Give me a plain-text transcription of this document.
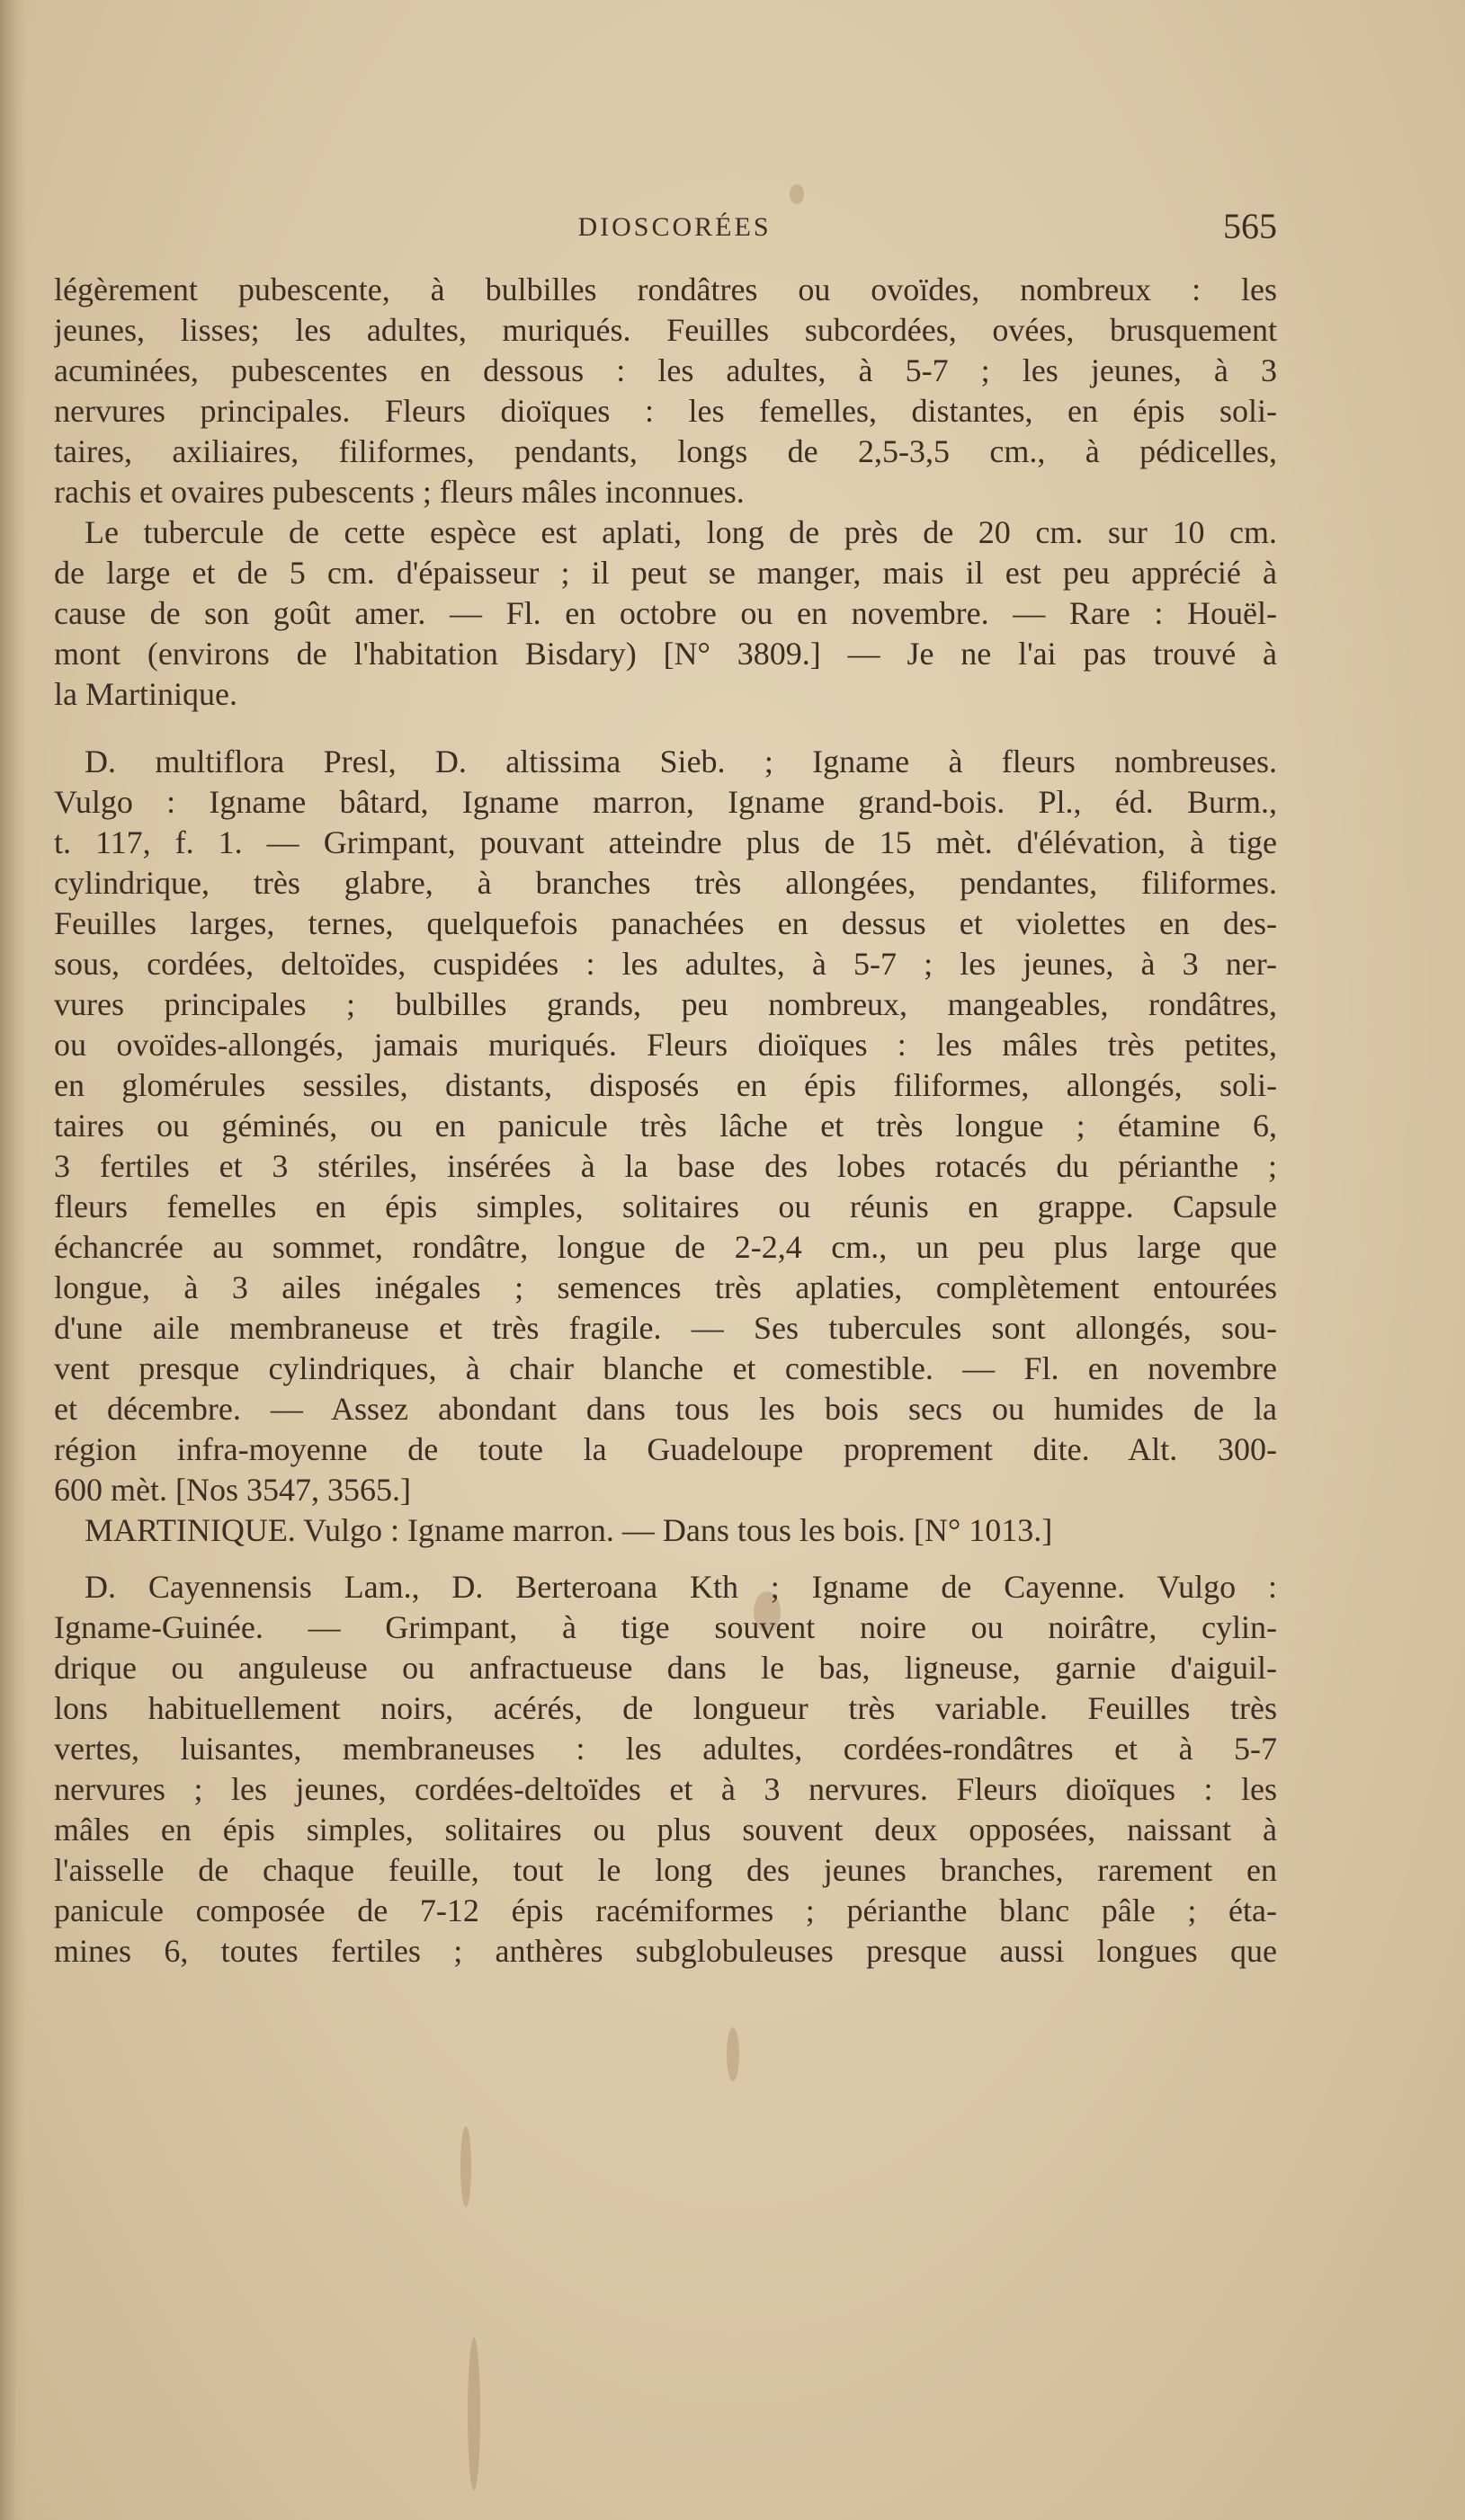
DIOSCORÉES	565
légèrement pubescente, à bulbilles rondâtres ou ovoïdes, nombreux : les
jeunes, lisses; les adultes, muriqués. Feuilles subcordées, ovées, brusquement
acuminées, pubescentes en dessous : les adultes, à 5-7 ; les jeunes, à 3
nervures principales. Fleurs dioïques : les femelles, distantes, en épis soli-
taires, axiliaires, filiformes, pendants, longs de 2,5-3,5 cm., à pédicelles,
rachis et ovaires pubescents ; fleurs mâles inconnues.
Le tubercule de cette espèce est aplati, long de près de 20 cm. sur 10 cm.
de large et de 5 cm. d'épaisseur ; il peut se manger, mais il est peu apprécié à
cause de son goût amer. — Fl. en octobre ou en novembre. — Rare : Houël-
mont (environs de l'habitation Bisdary) [N° 3809.] — Je ne l'ai pas trouvé à
la Martinique.
D. multiflora Presl, D. altissima Sieb. ; Igname à fleurs nombreuses.
Vulgo : Igname bâtard, Igname marron, Igname grand-bois. Pl., éd. Burm.,
t. 117, f. 1. — Grimpant, pouvant atteindre plus de 15 mèt. d'élévation, à tige
cylindrique, très glabre, à branches très allongées, pendantes, filiformes.
Feuilles larges, ternes, quelquefois panachées en dessus et violettes en des-
sous, cordées, deltoïdes, cuspidées : les adultes, à 5-7 ; les jeunes, à 3 ner-
vures principales ; bulbilles grands, peu nombreux, mangeables, rondâtres,
ou ovoïdes-allongés, jamais muriqués. Fleurs dioïques : les mâles très petites,
en glomérules sessiles, distants, disposés en épis filiformes, allongés, soli-
taires ou géminés, ou en panicule très lâche et très longue ; étamine 6,
3 fertiles et 3 stériles, insérées à la base des lobes rotacés du périanthe ;
fleurs femelles en épis simples, solitaires ou réunis en grappe. Capsule
échancrée au sommet, rondâtre, longue de 2-2,4 cm., un peu plus large que
longue, à 3 ailes inégales ; semences très aplaties, complètement entourées
d'une aile membraneuse et très fragile. — Ses tubercules sont allongés, sou-
vent presque cylindriques, à chair blanche et comestible. — Fl. en novembre
et décembre. — Assez abondant dans tous les bois secs ou humides de la
région infra-moyenne de toute la Guadeloupe proprement dite. Alt. 300-
600 mèt. [Nos 3547, 3565.]
MARTINIQUE. Vulgo : Igname marron. — Dans tous les bois. [N° 1013.]
D. Cayennensis Lam., D. Berteroana Kth ; Igname de Cayenne. Vulgo :
Igname-Guinée. — Grimpant, à tige souvent noire ou noirâtre, cylin-
drique ou anguleuse ou anfractueuse dans le bas, ligneuse, garnie d'aiguil-
lons habituellement noirs, acérés, de longueur très variable. Feuilles très
vertes, luisantes, membraneuses : les adultes, cordées-rondâtres et à 5-7
nervures ; les jeunes, cordées-deltoïdes et à 3 nervures. Fleurs dioïques : les
mâles en épis simples, solitaires ou plus souvent deux opposées, naissant à
l'aisselle de chaque feuille, tout le long des jeunes branches, rarement en
panicule composée de 7-12 épis racémiformes ; périanthe blanc pâle ; éta-
mines 6, toutes fertiles ; anthères subglobuleuses presque aussi longues que
